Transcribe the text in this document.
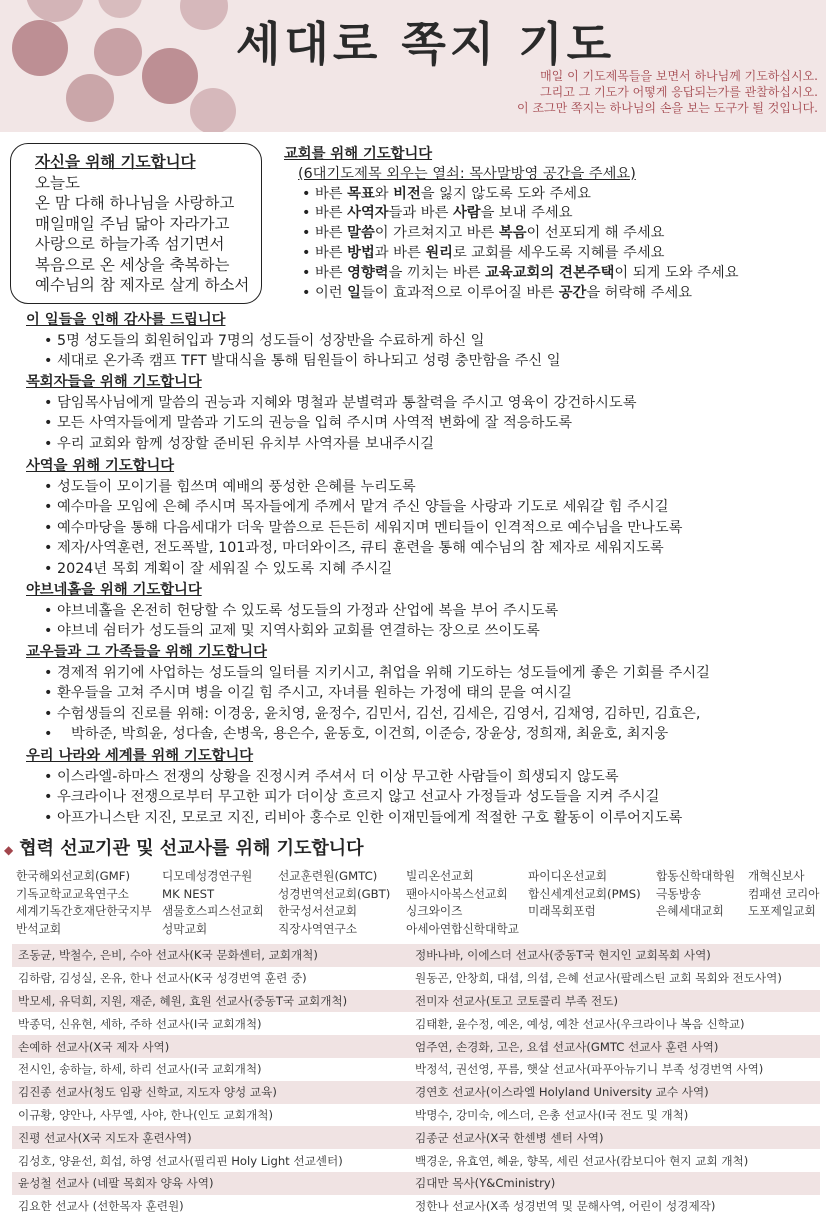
세대로 쪽지 기도
매일 이 기도제목들을 보면서 하나님께 기도하십시오.
그리고 그 기도가 어떻게 응답되는가를 관찰하십시오.
이 조그만 쪽지는 하나님의 손을 보는 도구가 될 것입니다.
자신을 위해 기도합니다
오늘도
온 맘 다해 하나님을 사랑하고
매일매일 주님 닮아 자라가고
사랑으로 하늘가족 섬기면서
복음으로 온 세상을 축복하는
예수님의 참 제자로 살게 하소서
교회를 위해 기도합니다
(6대기도제목 외우는 열쇠: 목사말방영 공간을 주세요)
• 바른 목표와 비전을 잃지 않도록 도와 주세요
• 바른 사역자들과 바른 사람을 보내 주세요
• 바른 말씀이 가르쳐지고 바른 복음이 선포되게 해 주세요
• 바른 방법과 바른 원리로 교회를 세우도록 지혜를 주세요
• 바른 영향력을 끼치는 바른 교육교회의 견본주택이 되게 도와 주세요
• 이런 일들이 효과적으로 이루어질 바른 공간을 허락해 주세요
이 일들을 인해 감사를 드립니다
• 5명 성도들의 회원허입과 7명의 성도들이 성장반을 수료하게 하신 일
• 세대로 온가족 캠프 TFT 발대식을 통해 팀원들이 하나되고 성령 충만함을 주신 일
목회자들을 위해 기도합니다
• 담임목사님에게 말씀의 권능과 지혜와 명철과 분별력과 통찰력을 주시고 영육이 강건하시도록
• 모든 사역자들에게 말씀과 기도의 권능을 입혀 주시며 사역적 변화에 잘 적응하도록
• 우리 교회와 함께 성장할 준비된 유치부 사역자를 보내주시길
사역을 위해 기도합니다
• 성도들이 모이기를 힘쓰며 예배의 풍성한 은혜를 누리도록
• 예수마을 모임에 은혜 주시며 목자들에게 주께서 맡겨 주신 양들을 사랑과 기도로 세워갈 힘 주시길
• 예수마당을 통해 다음세대가 더욱 말씀으로 든든히 세워지며 멘티들이 인격적으로 예수님을 만나도록
• 제자/사역훈련, 전도폭발, 101과정, 마더와이즈, 큐티 훈련을 통해 예수님의 참 제자로 세워지도록
• 2024년 목회 계획이 잘 세워질 수 있도록 지혜 주시길
야브네홀을 위해 기도합니다
• 야브네홀을 온전히 헌당할 수 있도록 성도들의 가정과 산업에 복을 부어 주시도록
• 야브네 쉼터가 성도들의 교제 및 지역사회와 교회를 연결하는 장으로 쓰이도록
교우들과 그 가족들을 위해 기도합니다
• 경제적 위기에 사업하는 성도들의 일터를 지키시고, 취업을 위해 기도하는 성도들에게 좋은 기회를 주시길
• 환우들을 고쳐 주시며 병을 이길 힘 주시고, 자녀를 원하는 가정에 태의 문을 여시길
• 수험생들의 진로를 위해: 이경웅, 윤치영, 윤정수, 김민서, 김선, 김세은, 김영서, 김채영, 김하민, 김효은,
• 박하준, 박희윤, 성다솔, 손병욱, 용은수, 윤동호, 이건희, 이준승, 장윤상, 정희재, 최윤호, 최지웅
우리 나라와 세계를 위해 기도합니다
• 이스라엘-하마스 전쟁의 상황을 진정시켜 주셔서 더 이상 무고한 사람들이 희생되지 않도록
• 우크라이나 전쟁으로부터 무고한 피가 더이상 흐르지 않고 선교사 가정들과 성도들을 지켜 주시길
• 아프가니스탄 지진, 모로코 지진, 리비아 홍수로 인한 이재민들에게 적절한 구호 활동이 이루어지도록
◆ 협력 선교기관 및 선교사를 위해 기도합니다
한국해외선교회(GMF)	디모데성경연구원	선교훈련원(GMTC)	빌리온선교회	파이디온선교회	합동신학대학원	개혁신보사
기독교학교교육연구소	MK NEST	성경번역선교회(GBT)	팬아시아복스선교회	합신세계선교회(PMS)	극동방송	컴패션 코리아
세계기독간호재단한국지부 샘물호스피스선교회	한국성서선교회	싱크와이즈	미래목회포럼	은혜세대교회	도포제일교회
반석교회	성막교회	직장사역연구소	아세아연합신학대학교
조동균, 박철수, 은비, 수아 선교사(K국 문화센터, 교회개척)	정바나바, 이에스더 선교사(중동T국 현지인 교회목회 사역)
김하람, 김성실, 온유, 한나 선교사(K국 성경번역 훈련 중)	원동곤, 안창희, 대셥, 의셥, 은혜 선교사(팔레스틴 교회 목회와 전도사역)
박모세, 유덕희, 지원, 재준, 혜원, 효원 선교사(중동T국 교회개척)	전미자 선교사(토고 코토콜리 부족 전도)
박종덕, 신유현, 세하, 주하 선교사(I국 교회개척)	김태환, 윤수정, 예온, 예성, 예찬 선교사(우크라이나 복음 신학교)
손예하 선교사(X국 제자 사역)	엄주연, 손경화, 고은, 요셥 선교사(GMTC 선교사 훈련 사역)
전시인, 송하늘, 하세, 하리 선교사(I국 교회개척)	박정석, 권선영, 푸름, 햇살 선교사(파푸아뉴기니 부족 성경번역 사역)
김진종 선교사(청도 임광 신학교, 지도자 양성 교육)	경연호 선교사(이스라엘 Holyland University 교수 사역)
이규황, 양안나, 사무엘, 사야, 한나(인도 교회개척)	박명수, 강미숙, 에스더, 은총 선교사(I국 전도 및 개척)
진평 선교사(X국 지도자 훈련사역)	김종군 선교사(X국 한센병 센터 사역)
김성호, 양윤선, 희섭, 하영 선교사(필리핀 Holy Light 선교센터)	백경운, 유효연, 혜윤, 향목, 세린 선교사(캄보디아 현지 교회 개척)
윤성철 선교사 (네팔 목회자 양육 사역)	김대만 목사(Y&Cministry)
김요한 선교사 (선한목자 훈련원)	정한나 선교사(X족 성경번역 및 문해사역, 어린이 성경제작)
